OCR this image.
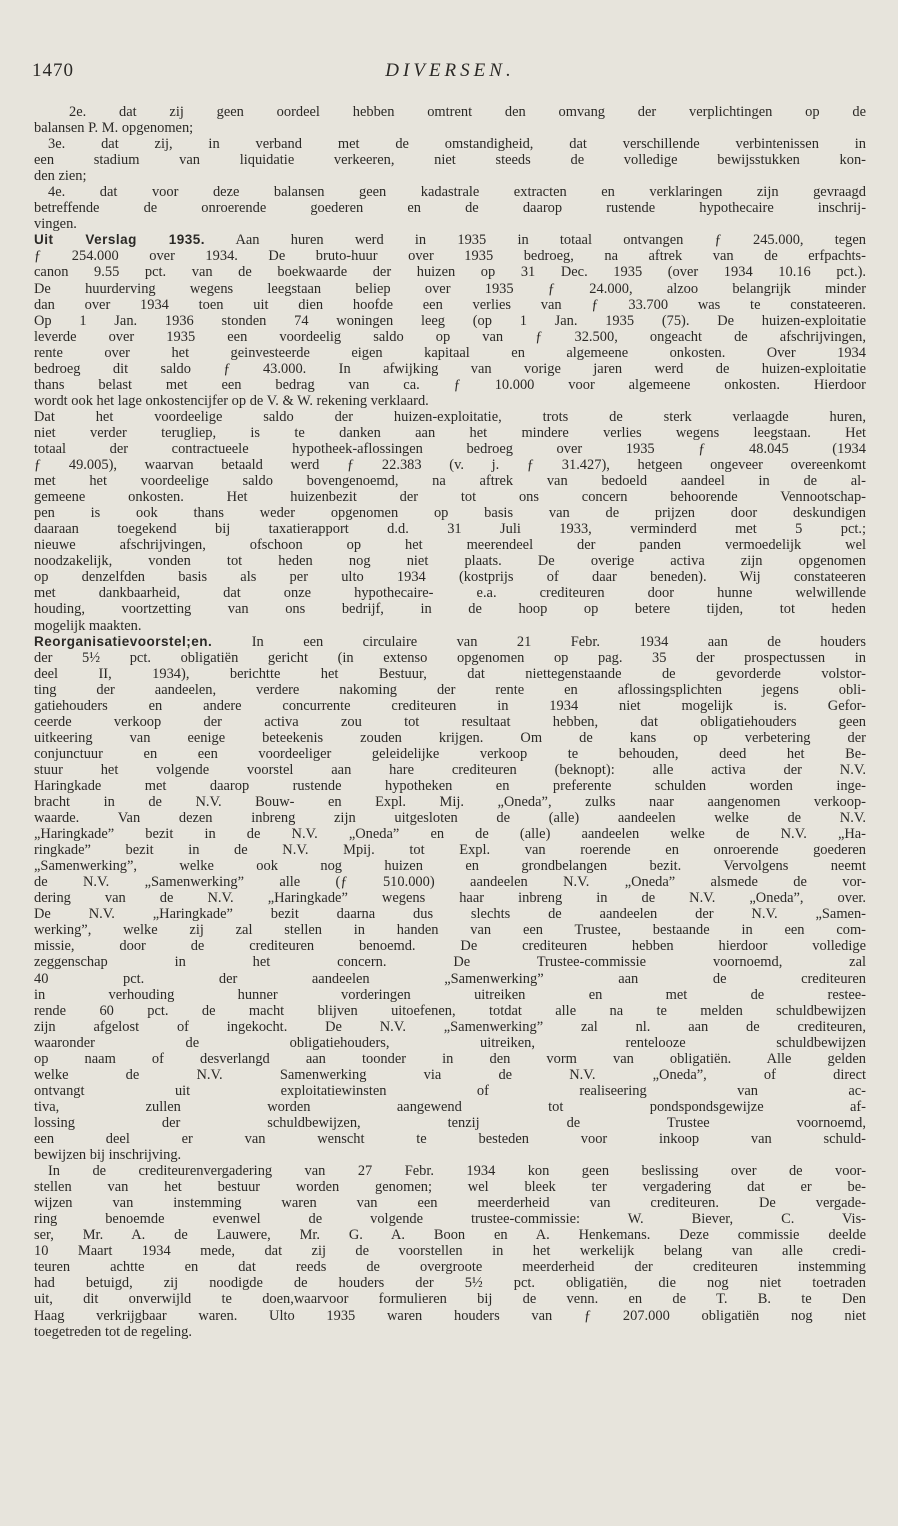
1470	DIVERSEN.
2e. dat zij geen oordeel hebben omtrent den omvang der verplichtingen op de
balansen P. M. opgenomen;
3e. dat zij, in verband met de omstandigheid, dat verschillende verbintenissen in
een stadium van liquidatie verkeeren, niet steeds de volledige bewijsstukken kon-
den zien;
4e. dat voor deze balansen geen kadastrale extracten en verklaringen zijn gevraagd
betreffende de onroerende goederen en de daarop rustende hypothecaire inschrij-
vingen.
Uit Verslag 1935. Aan huren werd in 1935 in totaal ontvangen ƒ 245.000, tegen
ƒ 254.000 over 1934. De bruto-huur over 1935 bedroeg, na aftrek van de erfpachts-
canon 9.55 pct. van de boekwaarde der huizen op 31 Dec. 1935 (over 1934 10.16 pct.).
De huurderving wegens leegstaan beliep over 1935 ƒ 24.000, alzoo belangrijk minder
dan over 1934 toen uit dien hoofde een verlies van ƒ 33.700 was te constateeren.
Op 1 Jan. 1936 stonden 74 woningen leeg (op 1 Jan. 1935 (75). De huizen-exploitatie
leverde over 1935 een voordeelig saldo op van ƒ 32.500, ongeacht de afschrijvingen,
rente over het geinvesteerde eigen kapitaal en algemeene onkosten. Over 1934
bedroeg dit saldo ƒ 43.000. In afwijking van vorige jaren werd de huizen-exploitatie
thans belast met een bedrag van ca. ƒ 10.000 voor algemeene onkosten. Hierdoor
wordt ook het lage onkostencijfer op de V. & W. rekening verklaard.
Dat het voordeelige saldo der huizen-exploitatie, trots de sterk verlaagde huren,
niet verder terugliep, is te danken aan het mindere verlies wegens leegstaan. Het
totaal der contractueele hypotheek-aflossingen bedroeg over 1935 ƒ 48.045 (1934
ƒ 49.005), waarvan betaald werd ƒ 22.383 (v. j. ƒ 31.427), hetgeen ongeveer overeenkomt
met het voordeelige saldo bovengenoemd, na aftrek van bedoeld aandeel in de al-
gemeene onkosten. Het huizenbezit der tot ons concern behoorende Vennootschap-
pen is ook thans weder opgenomen op basis van de prijzen door deskundigen
daaraan toegekend bij taxatierapport d.d. 31 Juli 1933, verminderd met 5 pct.;
nieuwe afschrijvingen, ofschoon op het meerendeel der panden vermoedelijk wel
noodzakelijk, vonden tot heden nog niet plaats. De overige activa zijn opgenomen
op denzelfden basis als per ulto 1934 (kostprijs of daar beneden). Wij constateeren
met dankbaarheid, dat onze hypothecaire- e.a. crediteuren door hunne welwillende
houding, voortzetting van ons bedrijf, in de hoop op betere tijden, tot heden
mogelijk maakten.
Reorganisatievoorstel;en. In een circulaire van 21 Febr. 1934 aan de houders
der 5½ pct. obligatiën gericht (in extenso opgenomen op pag. 35 der prospectussen in
deel II, 1934), berichtte het Bestuur, dat niettegenstaande de gevorderde volstor-
ting der aandeelen, verdere nakoming der rente en aflossingsplichten jegens obli-
gatiehouders en andere concurrente crediteuren in 1934 niet mogelijk is. Gefor-
ceerde verkoop der activa zou tot resultaat hebben, dat obligatiehouders geen
uitkeering van eenige beteekenis zouden krijgen. Om de kans op verbetering der
conjunctuur en een voordeeliger geleidelijke verkoop te behouden, deed het Be-
stuur het volgende voorstel aan hare crediteuren (beknopt): alle activa der N.V.
Haringkade met daarop rustende hypotheken en preferente schulden worden inge-
bracht in de N.V. Bouw- en Expl. Mij. „Oneda”, zulks naar aangenomen verkoop-
waarde. Van dezen inbreng zijn uitgesloten de (alle) aandeelen welke de N.V.
„Haringkade” bezit in de N.V. „Oneda” en de (alle) aandeelen welke de N.V. „Ha-
ringkade” bezit in de N.V. Mpij. tot Expl. van roerende en onroerende goederen
„Samenwerking”, welke ook nog huizen en grondbelangen bezit. Vervolgens neemt
de N.V. „Samenwerking” alle (ƒ 510.000) aandeelen N.V. „Oneda” alsmede de vor-
dering van de N.V. „Haringkade” wegens haar inbreng in de N.V. „Oneda”, over.
De N.V. „Haringkade” bezit daarna dus slechts de aandeelen der N.V. „Samen-
werking”, welke zij zal stellen in handen van een Trustee, bestaande in een com-
missie, door de crediteuren benoemd. De crediteuren hebben hierdoor volledige
zeggenschap in het concern. De Trustee-commissie voornoemd, zal
40 pct. der aandeelen „Samenwerking” aan de crediteuren
in verhouding hunner vorderingen uitreiken en met de restee-
rende 60 pct. de macht blijven uitoefenen, totdat alle na te melden schuldbewijzen
zijn afgelost of ingekocht. De N.V. „Samenwerking” zal nl. aan de crediteuren,
waaronder de obligatiehouders, uitreiken, rentelooze schuldbewijzen
op naam of desverlangd aan toonder in den vorm van obligatiën. Alle gelden
welke de N.V. Samenwerking via de N.V. „Oneda”, of direct
ontvangt uit exploitatiewinsten of realiseering van ac-
tiva, zullen worden aangewend tot pondspondsgewijze af-
lossing der schuldbewijzen, tenzij de Trustee voornoemd,
een deel er van wenscht te besteden voor inkoop van schuld-
bewijzen bij inschrijving.
In de crediteurenvergadering van 27 Febr. 1934 kon geen beslissing over de voor-
stellen van het bestuur worden genomen; wel bleek ter vergadering dat er be-
wijzen van instemming waren van een meerderheid van crediteuren. De vergade-
ring benoemde evenwel de volgende trustee-commissie: W. Biever, C. Vis-
ser, Mr. A. de Lauwere, Mr. G. A. Boon en A. Henkemans. Deze commissie deelde
10 Maart 1934 mede, dat zij de voorstellen in het werkelijk belang van alle credi-
teuren achtte en dat reeds de overgroote meerderheid der crediteuren instemming
had betuigd, zij noodigde de houders der 5½ pct. obligatiën, die nog niet toetraden
uit, dit onverwijld te doen,waarvoor formulieren bij de venn. en de T. B. te Den
Haag verkrijgbaar waren. Ulto 1935 waren houders van ƒ 207.000 obligatiën nog niet
toegetreden tot de regeling.
